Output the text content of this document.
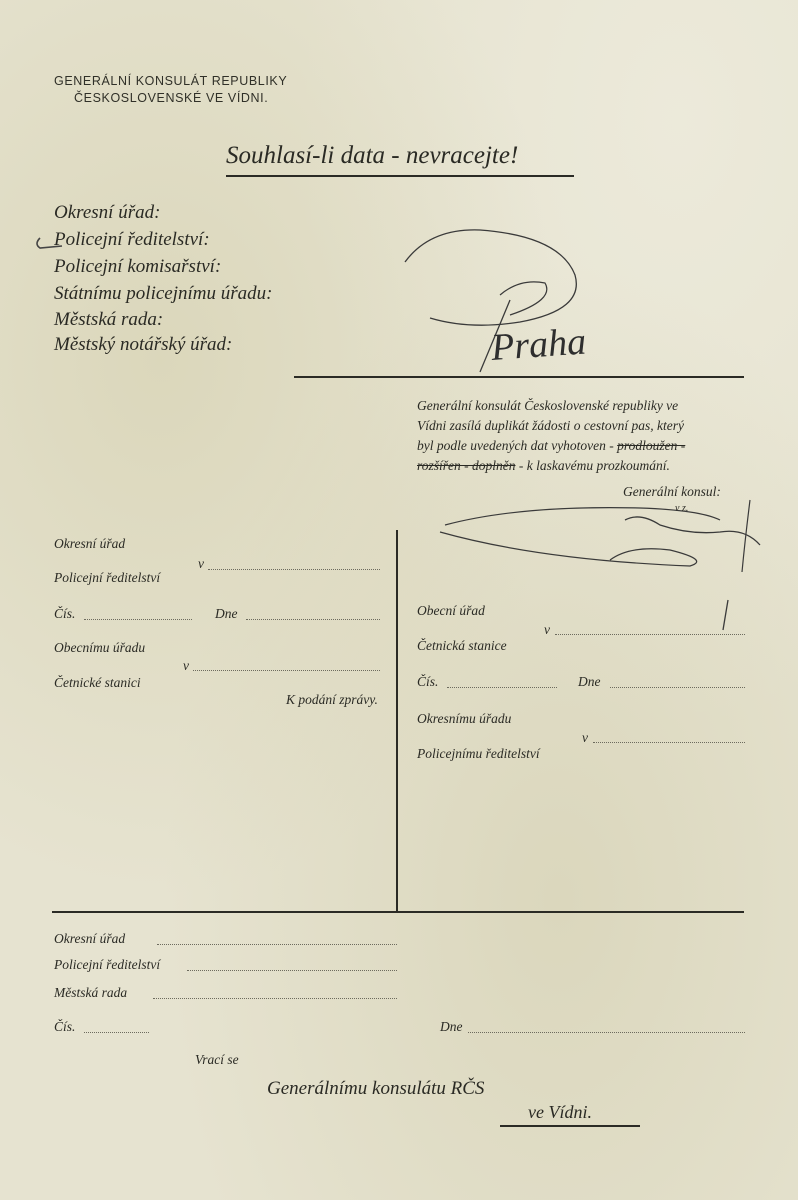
GENERÁLNÍ KONSULÁT REPUBLIKY
ČESKOSLOVENSKÉ VE VÍDNI.
Souhlasí-li data - nevracejte!
Okresní úřad:
Policejní ředitelství:
Policejní komisařství:
Státnímu policejnímu úřadu:
Městská rada:
Městský notářský úřad:	Praha
Generální konsulát Československé republiky ve
Vídni zasílá duplikát žádosti o cestovní pas, který
byl podle uvedených dat vyhotoven - prodloužen -
rozšířen - doplněn - k laskavému prozkoumání.
Generální konsul:
v z.
Okresní úřad
v
Policejní ředitelství
Čís.	Dne
Obecnímu úřadu
v
Četnické stanici
K podání zprávy.
Obecní úřad
v
Četnická stanice
Čís.	Dne
Okresnímu úřadu
v
Policejnímu ředitelství
Okresní úřad
Policejní ředitelství
Městská rada
Čís.	Dne
Vrací se
Generálnímu konsulátu RČS
ve Vídni.
